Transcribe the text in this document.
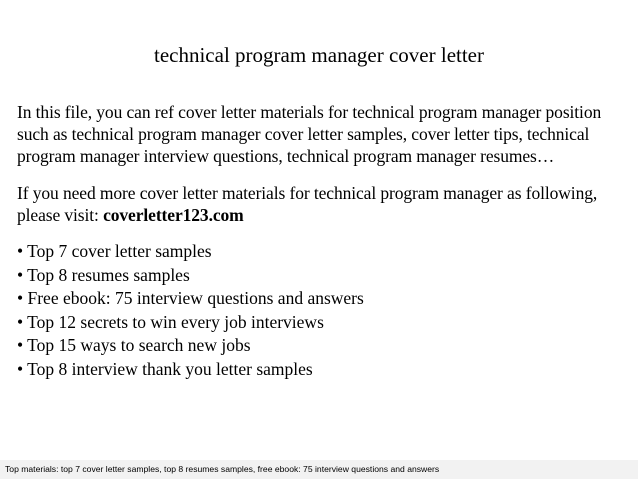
technical program manager cover letter

In this file, you can ref cover letter materials for technical program manager position such as technical program manager cover letter samples, cover letter tips, technical program manager interview questions, technical program manager resumes…

If you need more cover letter materials for technical program manager as following, please visit: coverletter123.com

• Top 7 cover letter samples
• Top 8 resumes samples
• Free ebook: 75 interview questions and answers
• Top 12 secrets to win every job interviews
• Top 15 ways to search new jobs
• Top 8 interview thank you letter samples
Top materials: top 7 cover letter samples, top 8 resumes samples, free ebook: 75 interview questions and answers
